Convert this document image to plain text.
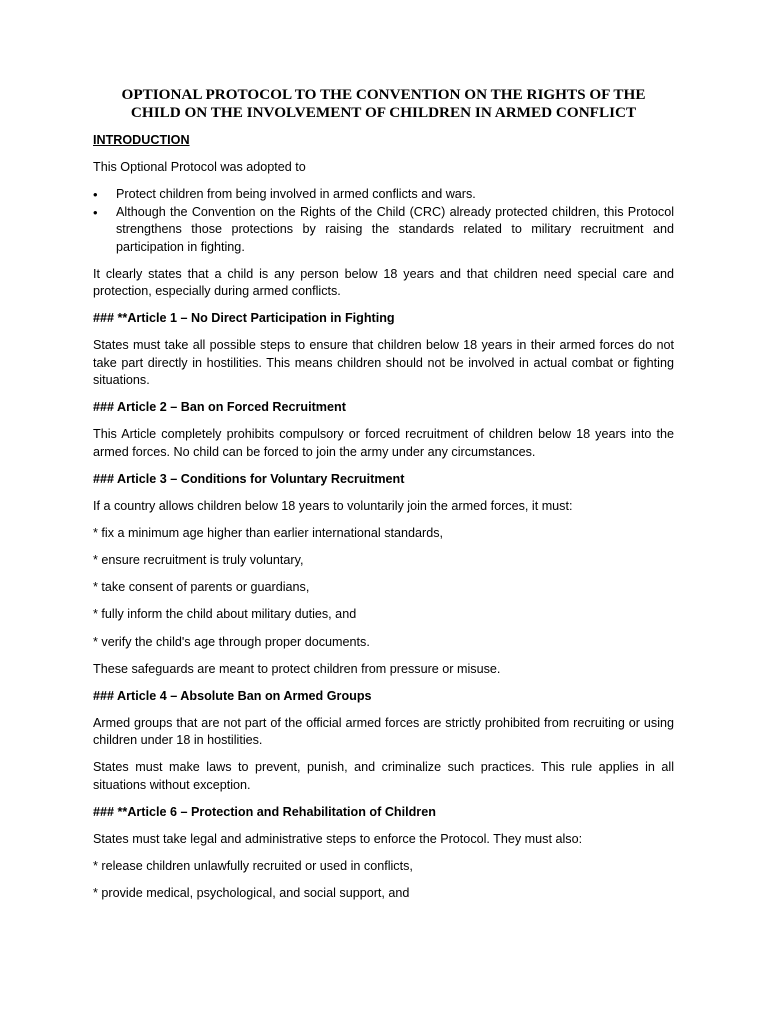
OPTIONAL PROTOCOL TO THE CONVENTION ON THE RIGHTS OF THE
CHILD ON THE INVOLVEMENT OF CHILDREN IN ARMED CONFLICT
INTRODUCTION

This Optional Protocol was adopted to

• Protect children from being involved in armed conflicts and wars.
• Although the Convention on the Rights of the Child (CRC) already protected children, this Protocol strengthens those protections by raising the standards related to military recruitment and participation in fighting.

It clearly states that a child is any person below 18 years and that children need special care and protection, especially during armed conflicts.

### **Article 1 – No Direct Participation in Fighting

States must take all possible steps to ensure that children below 18 years in their armed forces do not take part directly in hostilities. This means children should not be involved in actual combat or fighting situations.

### Article 2 – Ban on Forced Recruitment

This Article completely prohibits compulsory or forced recruitment of children below 18 years into the armed forces. No child can be forced to join the army under any circumstances.

### Article 3 – Conditions for Voluntary Recruitment

If a country allows children below 18 years to voluntarily join the armed forces, it must:

* fix a minimum age higher than earlier international standards,
* ensure recruitment is truly voluntary,
* take consent of parents or guardians,
* fully inform the child about military duties, and
* verify the child's age through proper documents.

These safeguards are meant to protect children from pressure or misuse.

### Article 4 – Absolute Ban on Armed Groups

Armed groups that are not part of the official armed forces are strictly prohibited from recruiting or using children under 18 in hostilities.

States must make laws to prevent, punish, and criminalize such practices. This rule applies in all situations without exception.

### **Article 6 – Protection and Rehabilitation of Children

States must take legal and administrative steps to enforce the Protocol. They must also:

* release children unlawfully recruited or used in conflicts,
* provide medical, psychological, and social support, and
